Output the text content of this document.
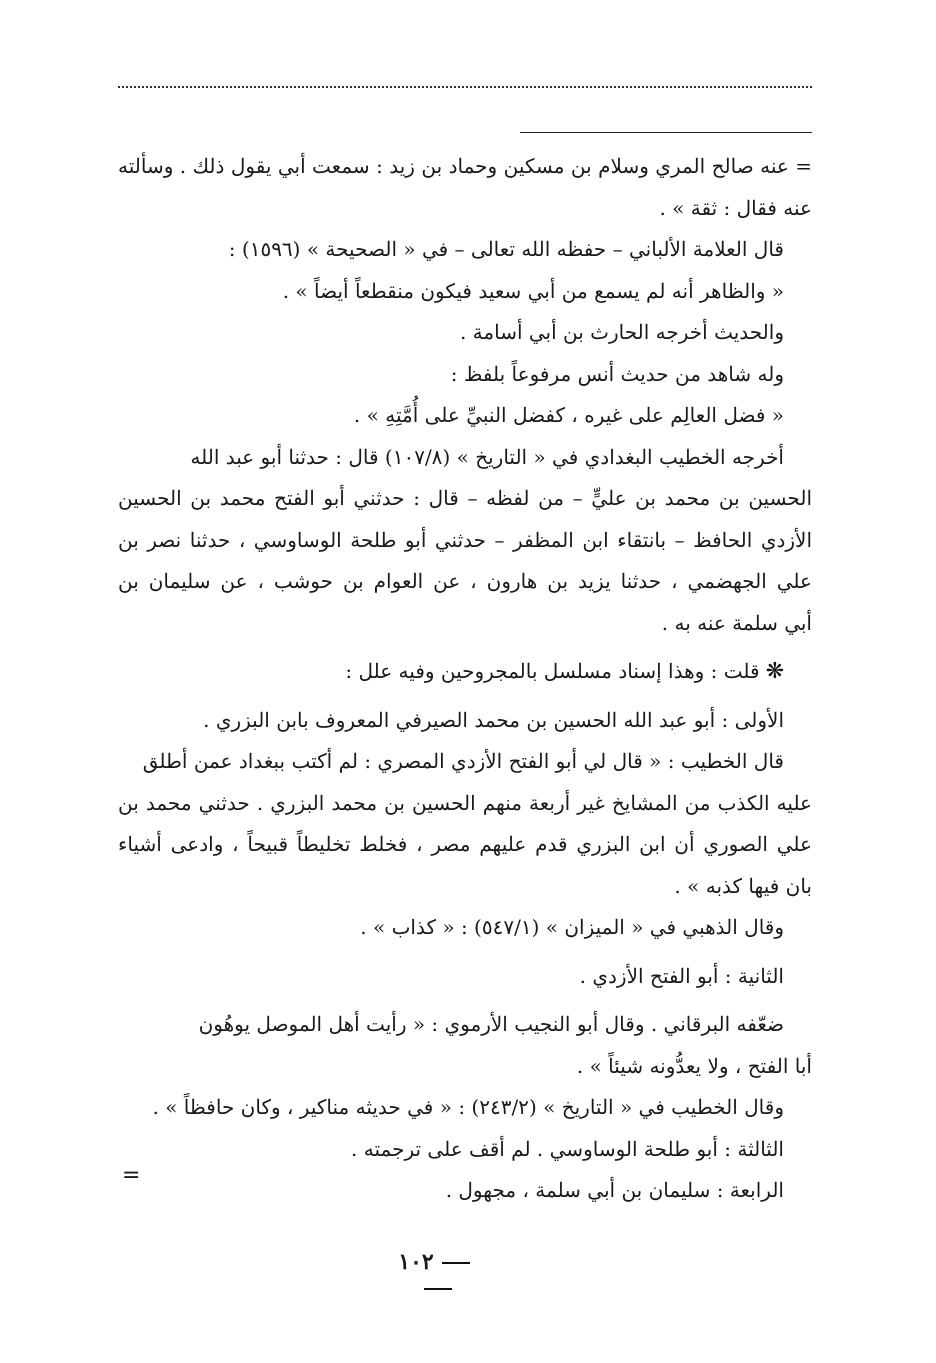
= عنه صالح المري وسلام بن مسكين وحماد بن زيد : سمعت أبي يقول ذلك . وسألته
عنه فقال : ثقة » .
قال العلامة الألباني – حفظه الله تعالى – في « الصحيحة » (١٥٩٦) :
« والظاهر أنه لم يسمع من أبي سعيد فيكون منقطعاً أيضاً » .
والحديث أخرجه الحارث بن أبي أسامة .
وله شاهد من حديث أنس مرفوعاً بلفظ :
« فضل العالِم على غيره ، كفضل النبيِّ على أُمَّتِهِ » .
أخرجه الخطيب البغدادي في « التاريخ » (١٠٧/٨) قال : حدثنا أبو عبد الله
الحسين بن محمد بن عليٍّ – من لفظه – قال : حدثني أبو الفتح محمد بن الحسين
الأزدي الحافظ – بانتقاء ابن المظفر – حدثني أبو طلحة الوساوسي ، حدثنا نصر بن
علي الجهضمي ، حدثنا يزيد بن هارون ، عن العوام بن حوشب ، عن سليمان بن
أبي سلمة عنه به .
❋قلت : وهذا إسناد مسلسل بالمجروحين وفيه علل :
الأولى : أبو عبد الله الحسين بن محمد الصيرفي المعروف بابن البزري .
قال الخطيب : « قال لي أبو الفتح الأزدي المصري : لم أكتب ببغداد عمن أطلق
عليه الكذب من المشايخ غير أربعة منهم الحسين بن محمد البزري . حدثني محمد بن
علي الصوري أن ابن البزري قدم عليهم مصر ، فخلط تخليطاً قبيحاً ، وادعى أشياء
بان فيها كذبه » .
وقال الذهبي في « الميزان » (٥٤٧/١) : « كذاب » .
الثانية : أبو الفتح الأزدي .
ضعّفه البرقاني . وقال أبو النجيب الأرموي : « رأيت أهل الموصل يوهُون
أبا الفتح ، ولا يعدُّونه شيئاً » .
وقال الخطيب في « التاريخ » (٢٤٣/٢) : « في حديثه مناكير ، وكان حافظاً » .
الثالثة : أبو طلحة الوساوسي . لم أقف على ترجمته .
الرابعة : سليمان بن أبي سلمة ، مجهول .
=
١٠٢
